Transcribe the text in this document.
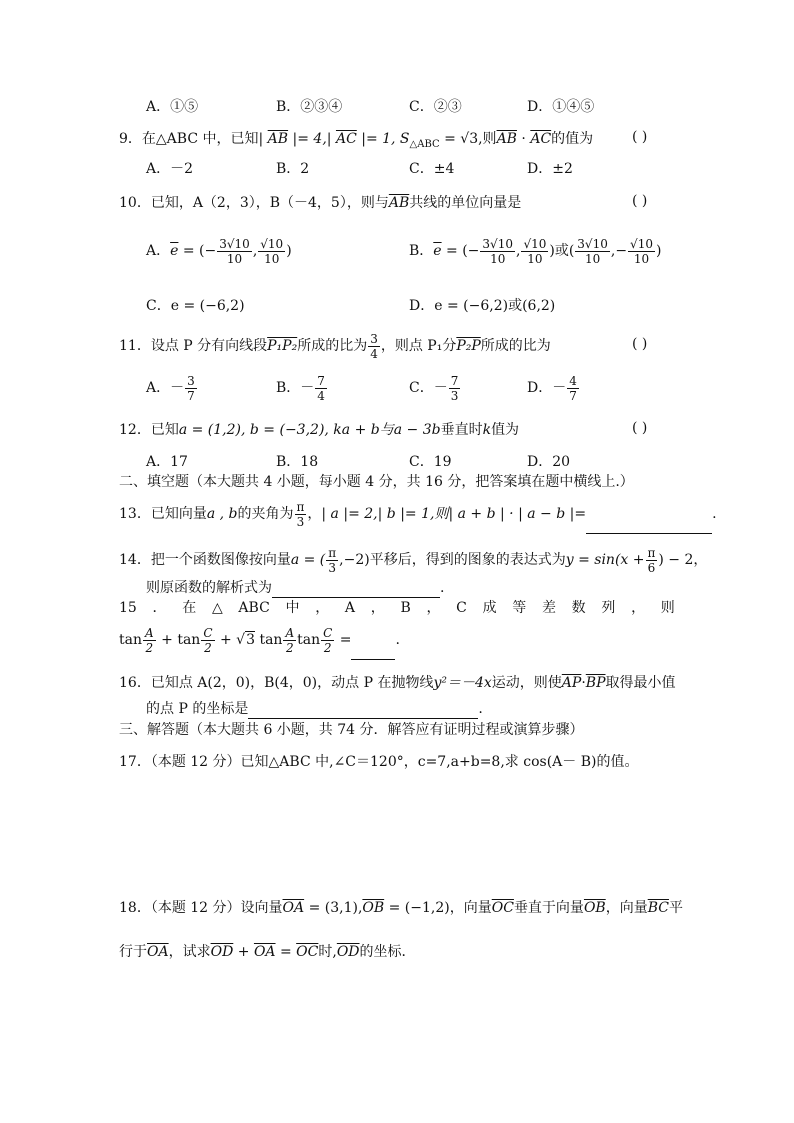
A．①⑤	B．②③④	C．②③	D．①④⑤
9．在△ABC 中，已知| $\overline{AB}$ |= 4,| $\overline{AC}$ |= 1, $S_{\triangle ABC} = √3$,则$\overline{AB} \cdot \overline{AC}$的值为	( )
A．－2	B．2	C．±4	D．±2
10．已知，A（2，3），B（－4，5），则与$\overline{AB}$共线的单位向量是	( )
A．$\overline{e}$ = (− $\frac{3√10}{10}$ , $\frac{√10}{10}$ )	B．$\overline{e}$ = (− $\frac{3√10}{10}$ , $\frac{√10}{10}$ )或( $\frac{3√10}{10}$ ,− $\frac{√10}{10}$ )
C．e = (−6,2)	D．e = (−6,2)或(6,2)
11．设点 P 分有向线段P₁P₂所成的比为 $\frac{3}{4}$ ，则点 P₁分P₂P所成的比为	( )
A．－ $\frac{3}{7}$	B．－ $\frac{7}{4}$	C．－ $\frac{7}{3}$	D．－ $\frac{4}{7}$
12．已知a = (1,2), b = (−3,2), ka + b与a − 3b垂直时k值为	( )
A．17	B．18	C．19	D．20
二、填空题（本大题共 4 小题，每小题 4 分，共 16 分，把答案填在题中横线上.）
13．已知向量a , b的夹角为 $\frac{\pi}{3}$ ，| a |= 2,| b |= 1,则| a + b | · | a − b |=	.
14．把一个函数图像按向量a = ( $\frac{\pi}{3} ,-2$)平移后，得到的图象的表达式为$y = \sin(x + \frac{\pi}{6}$ ) − 2，
则原函数的解析式为	.
15 ． 在 △ ABC 中 ， A ， B ， C 成 等 差 数 列 ， 则
$\tan \frac{A}{2} + \tan \frac{C}{2}$ + √ 3 $\tan \frac{A}{2}$ $\tan \frac{C}{2}$ =	.
16．已知点 A(2，0)，B(4，0)，动点 P 在抛物线y²＝－4x运动，则使$\overline{AP}\cdot\overline{BP}$取得最小值
的点 P 的坐标是	.
三、解答题（本大题共 6 小题，共 74 分．解答应有证明过程或演算步骤）
17．（本题 12 分）已知△ABC 中,∠C＝120°，c=7,a+b=8,求 cos(A－ B)的值。
18．（本题 12 分）设向量$\overline{OA} = (3,1),\overline{OB} = (-1,2)$，向量$\overline{OC}$垂直于向量$\overline{OB}$，向量$\overline{BC}$平
行于$\overline{OA}$，试求$\overline{OD} + \overline{OA} = \overline{OC}$时$,\overline{OD}$的坐标．
